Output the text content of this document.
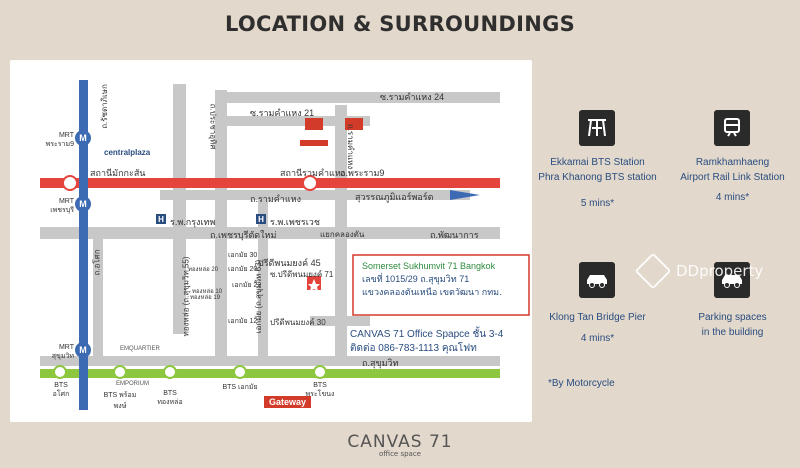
LOCATION & SURROUNDINGS
M
M
M
H	H
ซ.รามคำแหง 24
ซ.รามคำแหง 21
ถ.รามคำแหง
ถ.ประชาอุทิศ
ถ.รัชดาภิเษก
ถ.อโศก
ถ.พระราม9
ถ.รามคำแหง
ถ.เพชรบุรีตัดใหม่	ถ.พัฒนาการ
ถ.สุขุมวิท
ทองหล่อ (ถ.สุขุมวิท 55)	เอกมัย (ถ.สุขุมวิท 63)
ปรีดีพนมยงค์ 45
ซ.ปรีดีพนมยงค์ 71
เอกมัย 30
เอกมัย 20
เอกมัย 22
เอกมัย 12 ปรีดีพนมยงค์ 30
ทองหล่อ 20
ทองหล่อ 19
ทองหล่อ 10
แยกคลองตัน
สุวรรณภูมิแอร์พอร์ต
centralplaza
ร.พ.กรุงเทพ	ร.พ.เพชรเวช
สถานีรามคำแหง
สถานีมักกะสัน
EMQUARTIER
EMPORIUM
Gateway
MRT พระราม9
MRT เพชรบุรี
MRT สุขุมวิท
BTS อโศก	BTS พร้อมพงษ์
BTS ทองหล่อ
BTS เอกมัย	BTS พระโขนง
Somerset Sukhumvit 71 Bangkok
เลขที่ 1015/29 ถ.สุขุมวิท 71
แขวงคลองตันเหนือ เขตวัฒนา กทม.
CANVAS 71 Office Spapce ชั้น 3-4
ติดต่อ 086-783-1113 คุณโฟท
Ekkamai BTS Station
Phra Khanong BTS station
5 mins*
Ramkhamhaeng
Airport Rail Link Station
4 mins*
Klong Tan Bridge Pier
4 mins*
Parking spaces
in the building
*By Motorcycle
DDproperty
CANVAS 71
office space
